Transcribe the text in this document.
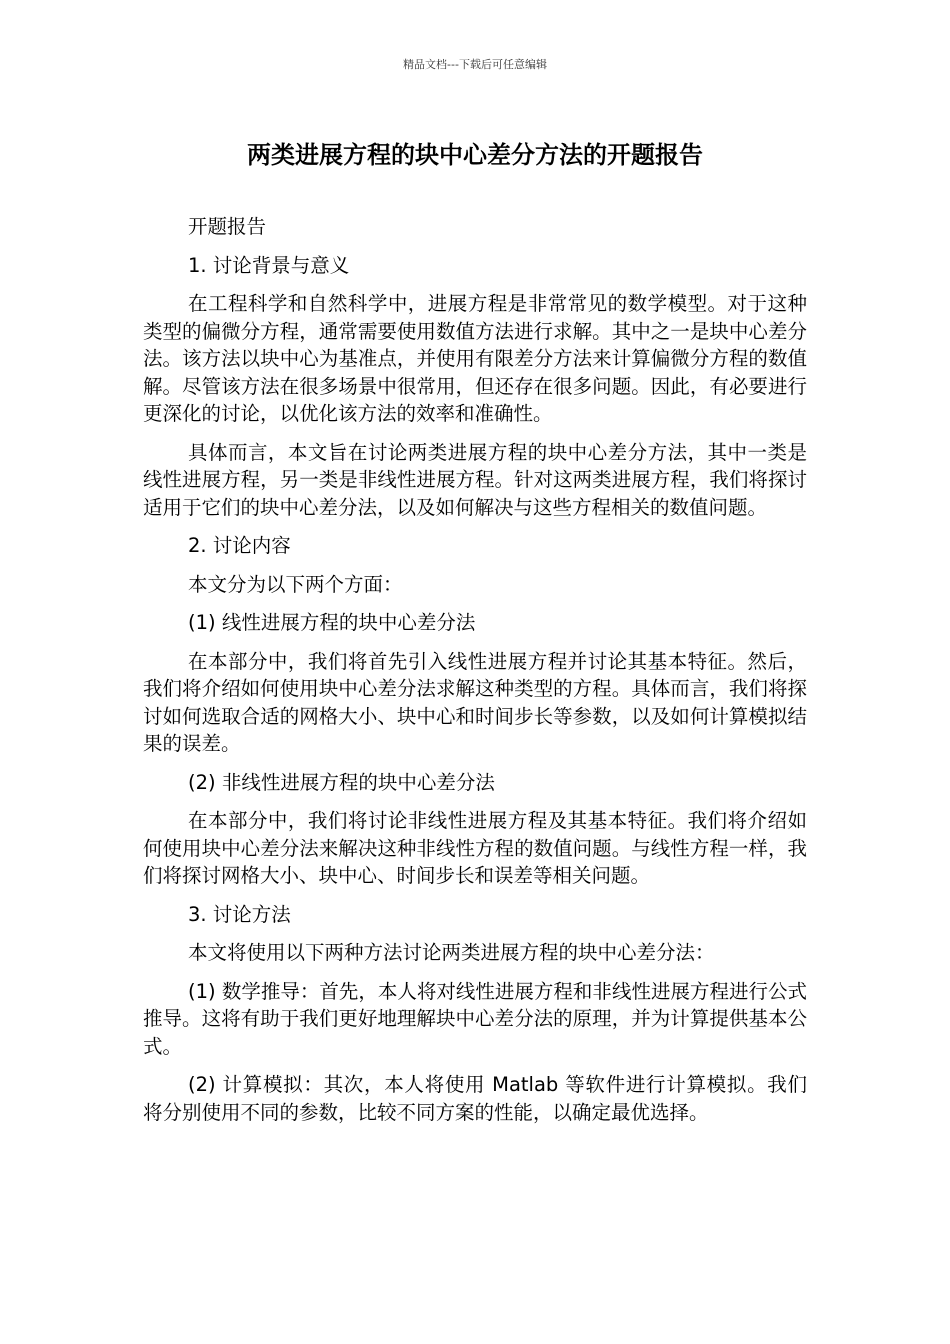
精品文档---下载后可任意编辑
两类进展方程的块中心差分方法的开题报告

开题报告

1. 讨论背景与意义

在工程科学和自然科学中，进展方程是非常常见的数学模型。对于这种类型的偏微分方程，通常需要使用数值方法进行求解。其中之一是块中心差分法。该方法以块中心为基准点，并使用有限差分方法来计算偏微分方程的数值解。尽管该方法在很多场景中很常用，但还存在很多问题。因此，有必要进行更深化的讨论，以优化该方法的效率和准确性。

具体而言，本文旨在讨论两类进展方程的块中心差分方法，其中一类是线性进展方程，另一类是非线性进展方程。针对这两类进展方程，我们将探讨适用于它们的块中心差分法，以及如何解决与这些方程相关的数值问题。

2. 讨论内容

本文分为以下两个方面：

(1) 线性进展方程的块中心差分法

在本部分中，我们将首先引入线性进展方程并讨论其基本特征。然后，我们将介绍如何使用块中心差分法求解这种类型的方程。具体而言，我们将探讨如何选取合适的网格大小、块中心和时间步长等参数，以及如何计算模拟结果的误差。

(2) 非线性进展方程的块中心差分法

在本部分中，我们将讨论非线性进展方程及其基本特征。我们将介绍如何使用块中心差分法来解决这种非线性方程的数值问题。与线性方程一样，我们将探讨网格大小、块中心、时间步长和误差等相关问题。

3. 讨论方法

本文将使用以下两种方法讨论两类进展方程的块中心差分法：

(1) 数学推导：首先，本人将对线性进展方程和非线性进展方程进行公式推导。这将有助于我们更好地理解块中心差分法的原理，并为计算提供基本公式。

(2) 计算模拟：其次，本人将使用 Matlab 等软件进行计算模拟。我们将分别使用不同的参数，比较不同方案的性能，以确定最优选择。
